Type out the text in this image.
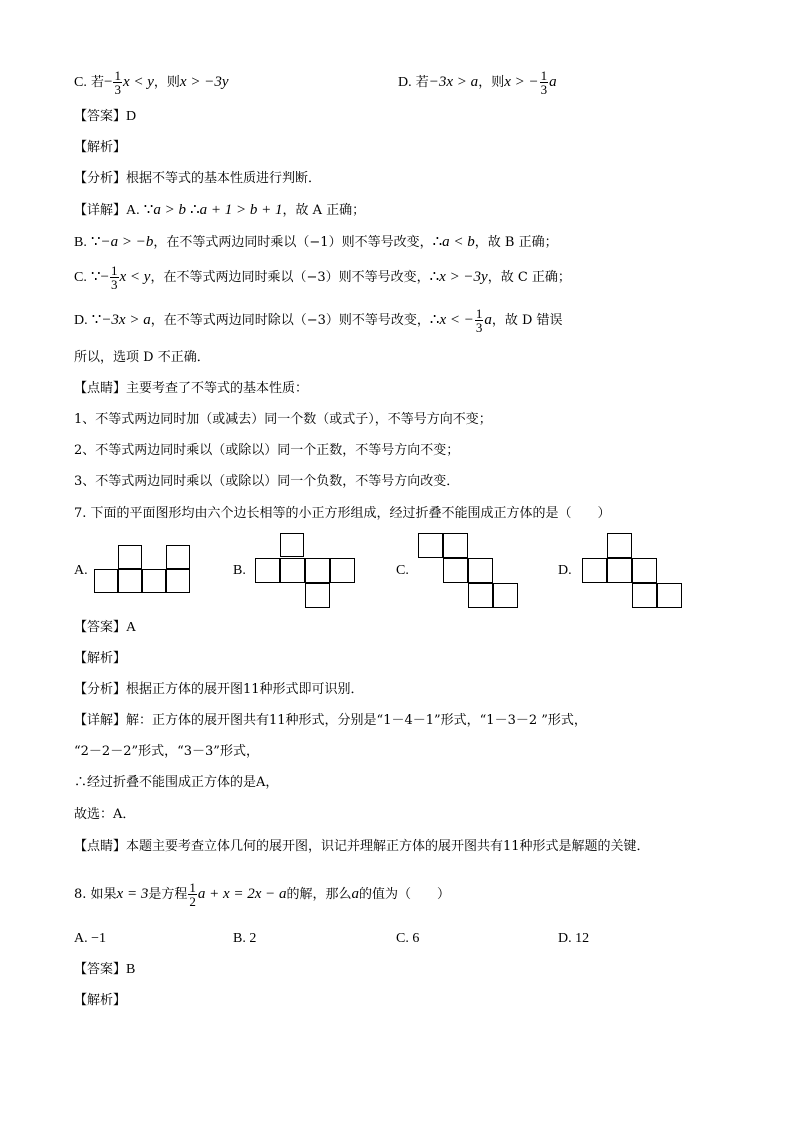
C. 若− $\frac{1}{3}$ x < y，则x > −3y	D. 若−3x > a，则x > − $\frac{1}{3}$ a
【答案】D
【解析】
【分析】根据不等式的基本性质进行判断．
【详解】A. ∵a > b ∴a + 1 > b + 1，故 A 正确；
B. ∵−a > −b，在不等式两边同时乘以（−1）则不等号改变，∴a < b，故 B 正确；
C. ∵− $\frac{1}{3}$ x < y，在不等式两边同时乘以（−3）则不等号改变，∴x > −3y，故 C 正确；
D. ∵−3x > a，在不等式两边同时除以（−3）则不等号改变，∴x < − $\frac{1}{3}$ a，故 D 错误
所以，选项 D 不正确．
【点睛】主要考查了不等式的基本性质：
1、不等式两边同时加（或减去）同一个数（或式子），不等号方向不变；
2、不等式两边同时乘以（或除以）同一个正数，不等号方向不变；
3、不等式两边同时乘以（或除以）同一个负数，不等号方向改变．
7. 下面的平面图形均由六个边长相等的小正方形组成，经过折叠不能围成正方体的是（　　）
A.	B.	C.	D.
【答案】A
【解析】
【分析】根据正方体的展开图11种形式即可识别．
【详解】解：正方体的展开图共有11种形式，分别是“1－4－1”形式，“1－3－2 ”形式，
“2－2－2”形式，“3－3”形式，
∴经过折叠不能围成正方体的是A，
故选：A．
【点睛】本题主要考查立体几何的展开图，识记并理解正方体的展开图共有11种形式是解题的关键．
8. 如果x = 3是方程 $\frac{1}{2}$ a + x = 2x − a的解，那么a的值为（　　）
A. −1	B. 2	C. 6	D. 12
【答案】B
【解析】
